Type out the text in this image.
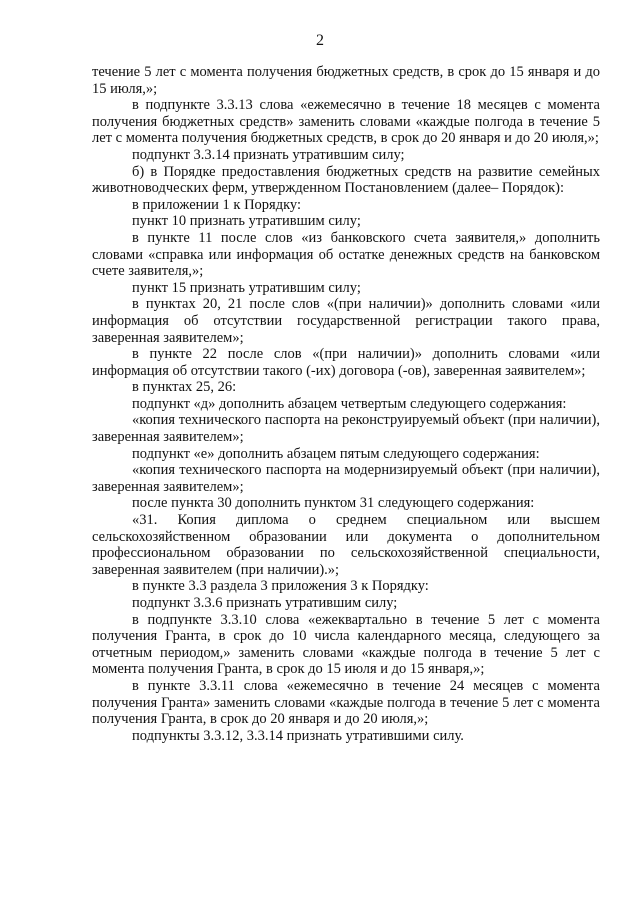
2

течение 5 лет с момента получения бюджетных средств, в срок до 15 января и до 15 июля,»;

в подпункте 3.3.13 слова «ежемесячно в течение 18 месяцев с момента получения бюджетных средств» заменить словами «каждые полгода в течение 5 лет с момента получения бюджетных средств, в срок до 20 января и до 20 июля,»;

подпункт 3.3.14 признать утратившим силу;

б) в Порядке предоставления бюджетных средств на развитие семейных животноводческих ферм, утвержденном Постановлением (далее– Порядок):

в приложении 1 к Порядку:

пункт 10 признать утратившим силу;

в пункте 11 после слов «из банковского счета заявителя,» дополнить словами «справка или информация об остатке денежных средств на банковском счете заявителя,»;

пункт 15 признать утратившим силу;

в пунктах 20, 21 после слов «(при наличии)» дополнить словами «или информация об отсутствии государственной регистрации такого права, заверенная заявителем»;

в пункте 22 после слов «(при наличии)» дополнить словами «или информация об отсутствии такого (-их) договора (-ов), заверенная заявителем»;

в пунктах 25, 26:

подпункт «д» дополнить абзацем четвертым следующего содержания:

«копия технического паспорта на реконструируемый объект (при наличии), заверенная заявителем»;

подпункт «е» дополнить абзацем пятым следующего содержания:

«копия технического паспорта на модернизируемый объект (при наличии), заверенная заявителем»;

после пункта 30 дополнить пунктом 31 следующего содержания:

«31. Копия диплома о среднем специальном или высшем сельскохозяйственном образовании или документа о дополнительном профессиональном образовании по сельскохозяйственной специальности, заверенная заявителем (при наличии).»;

в пункте 3.3 раздела 3 приложения 3 к Порядку:

подпункт 3.3.6 признать утратившим силу;

в подпункте 3.3.10 слова «ежеквартально в течение 5 лет с момента получения Гранта, в срок до 10 числа календарного месяца, следующего за отчетным периодом,» заменить словами «каждые полгода в течение 5 лет с момента получения Гранта, в срок до 15 июля и до 15 января,»;

в пункте 3.3.11 слова «ежемесячно в течение 24 месяцев с момента получения Гранта» заменить словами «каждые полгода в течение 5 лет с момента получения Гранта, в срок до 20 января и до 20 июля,»;

подпункты 3.3.12, 3.3.14 признать утратившими силу.
